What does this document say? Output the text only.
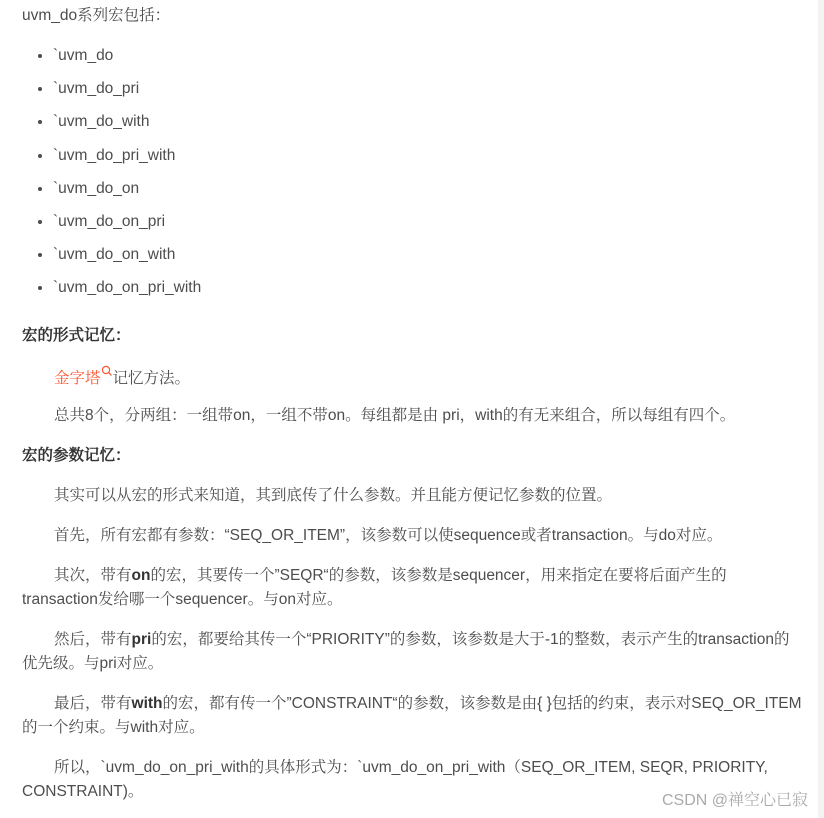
uvm_do系列宏包括：

• `uvm_do
• `uvm_do_pri
• `uvm_do_with
• `uvm_do_pri_with
• `uvm_do_on
• `uvm_do_on_pri
• `uvm_do_on_with
• `uvm_do_on_pri_with

宏的形式记忆：

金字塔 记忆方法。

总共8个，分两组：一组带on，一组不带on。每组都是由 pri，with的有无来组合，所以每组有四个。

宏的参数记忆：

其实可以从宏的形式来知道，其到底传了什么参数。并且能方便记忆参数的位置。

首先，所有宏都有参数：“SEQ_OR_ITEM”，该参数可以使sequence或者transaction。与do对应。

其次，带有on的宏，其要传一个”SEQR“的参数，该参数是sequencer，用来指定在要将后面产生的transaction发给哪一个sequencer。与on对应。

然后，带有pri的宏，都要给其传一个“PRIORITY”的参数，该参数是大于-1的整数，表示产生的transaction的优先级。与pri对应。

最后，带有with的宏，都有传一个”CONSTRAINT“的参数，该参数是由{ }包括的约束，表示对SEQ_OR_ITEM的一个约束。与with对应。

所以，`uvm_do_on_pri_with的具体形式为：`uvm_do_on_pri_with（SEQ_OR_ITEM, SEQR, PRIORITY, CONSTRAINT)。

CSDN @禅空心已寂
